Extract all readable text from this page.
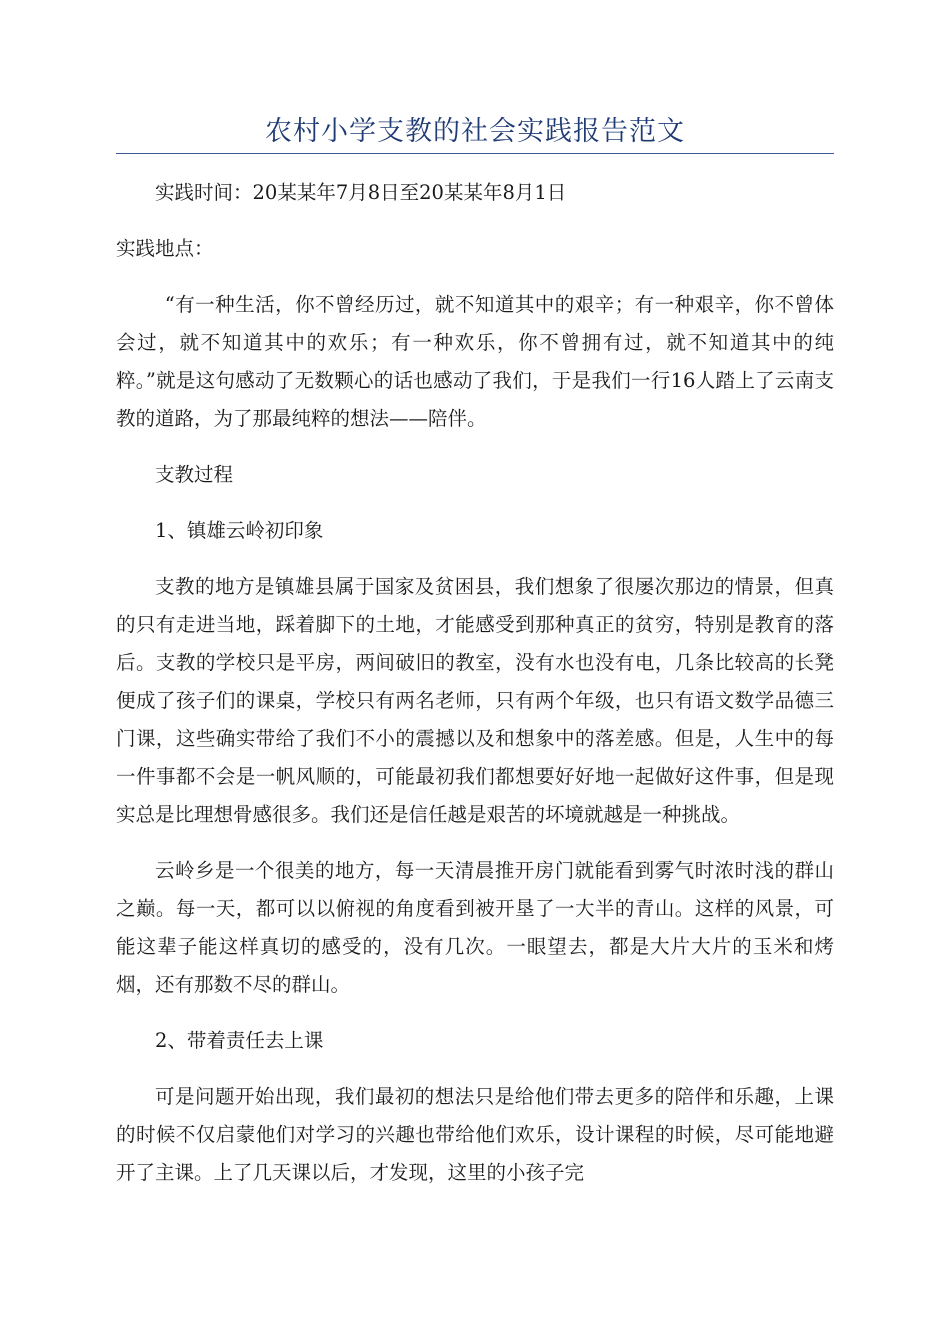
农村小学支教的社会实践报告范文

实践时间：20某某年7月8日至20某某年8月1日

实践地点：

“有一种生活，你不曾经历过，就不知道其中的艰辛；有一种艰辛，你不曾体会过，就不知道其中的欢乐；有一种欢乐，你不曾拥有过，就不知道其中的纯粹。”就是这句感动了无数颗心的话也感动了我们，于是我们一行16人踏上了云南支教的道路，为了那最纯粹的想法——陪伴。

支教过程

1、镇雄云岭初印象

支教的地方是镇雄县属于国家及贫困县，我们想象了很屡次那边的情景，但真的只有走进当地，踩着脚下的土地，才能感受到那种真正的贫穷，特别是教育的落后。支教的学校只是平房，两间破旧的教室，没有水也没有电，几条比较高的长凳便成了孩子们的课桌，学校只有两名老师，只有两个年级，也只有语文数学品德三门课，这些确实带给了我们不小的震撼以及和想象中的落差感。但是，人生中的每一件事都不会是一帆风顺的，可能最初我们都想要好好地一起做好这件事，但是现实总是比理想骨感很多。我们还是信任越是艰苦的坏境就越是一种挑战。

云岭乡是一个很美的地方，每一天清晨推开房门就能看到雾气时浓时浅的群山之巅。每一天，都可以以俯视的角度看到被开垦了一大半的青山。这样的风景，可能这辈子能这样真切的感受的，没有几次。一眼望去，都是大片大片的玉米和烤烟，还有那数不尽的群山。

2、带着责任去上课

可是问题开始出现，我们最初的想法只是给他们带去更多的陪伴和乐趣，上课的时候不仅启蒙他们对学习的兴趣也带给他们欢乐，设计课程的时候，尽可能地避开了主课。上了几天课以后，才发现，这里的小孩子完
